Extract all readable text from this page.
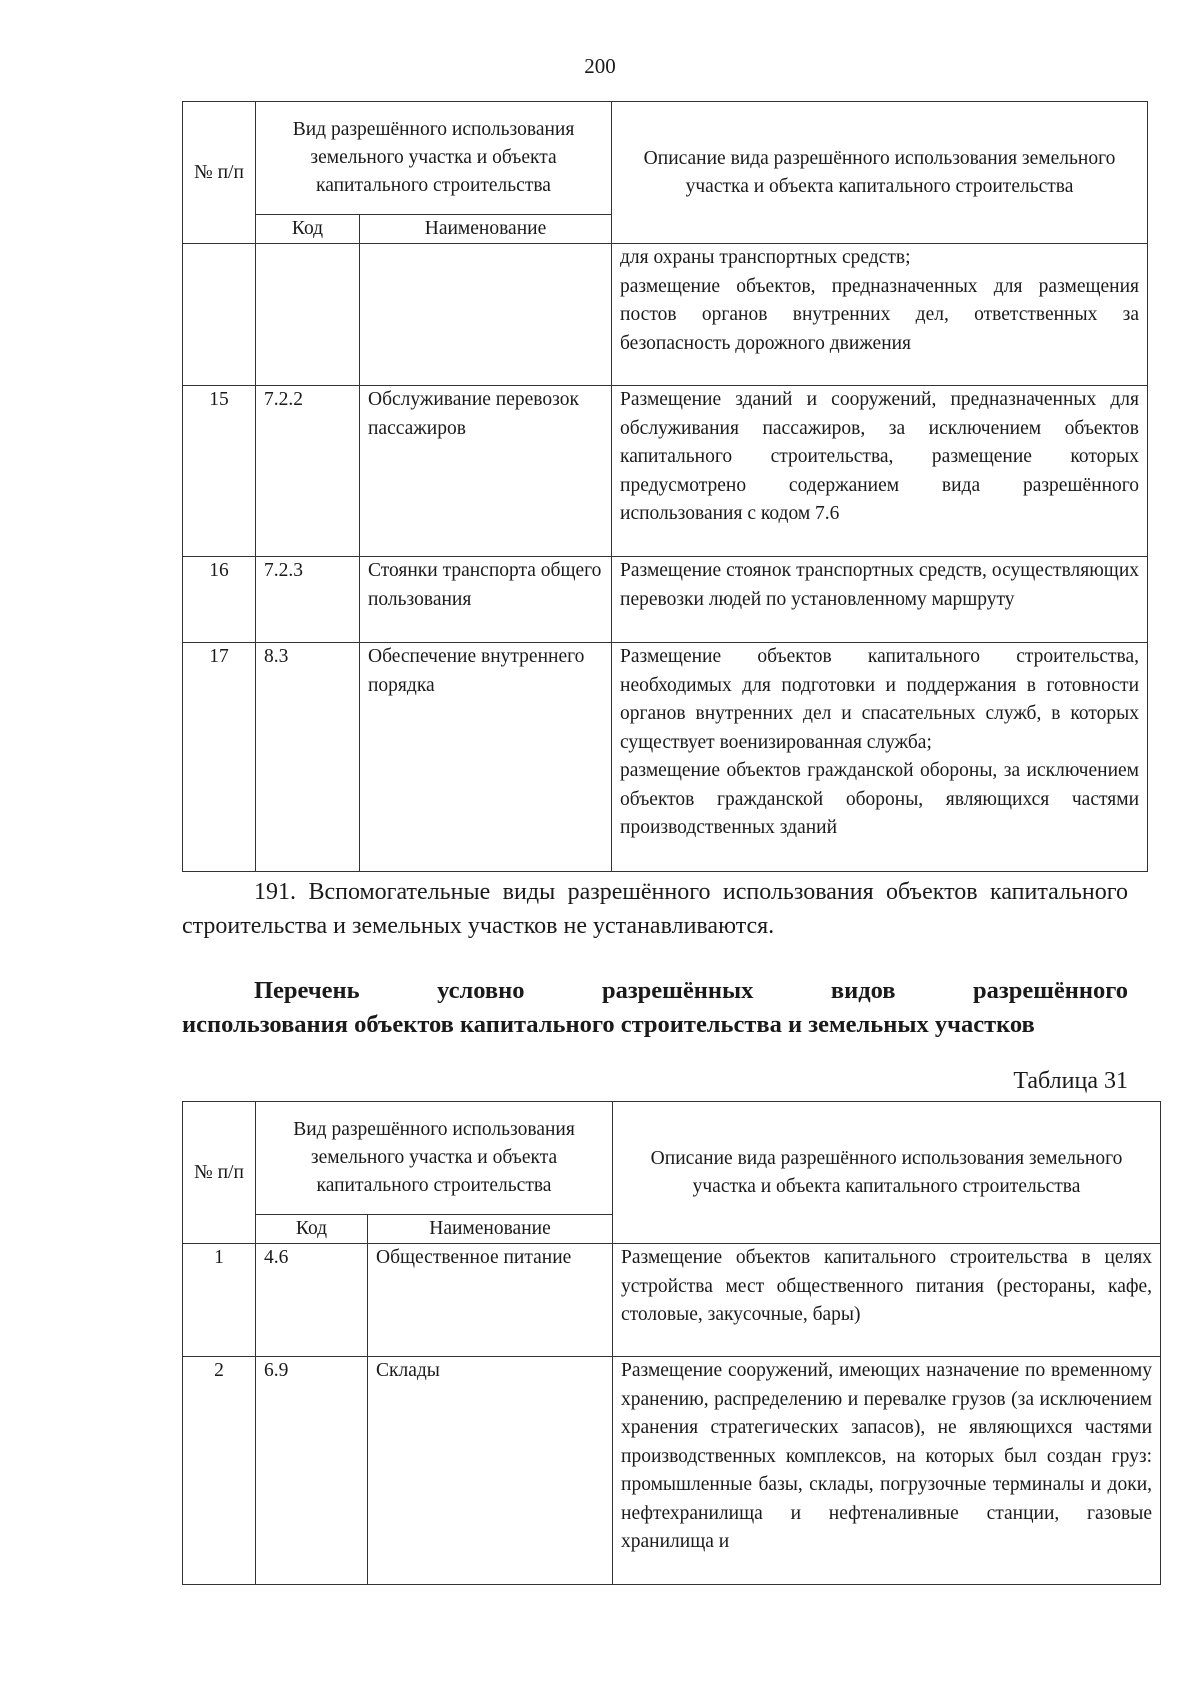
200
№ п/п	Вид разрешённого использования земельного участка и объекта капитального строительства		Описание вида разрешённого использования земельного участка и объекта капитального строительства
	Код	Наименование	

			для охраны транспортных средств;
размещение объектов, предназначенных для размещения постов органов внутренних дел, ответственных за безопасность дорожного движения

15	7.2.2	Обслуживание перевозок пассажиров	Размещение зданий и сооружений, предназначенных для обслуживания пассажиров, за исключением объектов капитального строительства, размещение которых предусмотрено содержанием вида разрешённого использования с кодом 7.6

16	7.2.3	Стоянки транспорта общего пользования	Размещение стоянок транспортных средств, осуществляющих перевозки людей по установленному маршруту

17	8.3	Обеспечение внутреннего порядка	Размещение объектов капитального строительства, необходимых для подготовки и поддержания в готовности органов внутренних дел и спасательных служб, в которых существует военизированная служба;
размещение объектов гражданской обороны, за исключением объектов гражданской обороны, являющихся частями производственных зданий
191. Вспомогательные виды разрешённого использования объектов капитального строительства и земельных участков не устанавливаются.
Перечень условно разрешённых видов разрешённого
использования объектов капитального строительства и земельных участков
Таблица 31
№ п/п	Вид разрешённого использования земельного участка и объекта капитального строительства		Описание вида разрешённого использования земельного участка и объекта капитального строительства
	Код	Наименование	
1	4.6	Общественное питание	Размещение объектов капитального строительства в целях устройства мест общественного питания (рестораны, кафе, столовые, закусочные, бары)

2	6.9	Склады	Размещение сооружений, имеющих назначение по временному хранению, распределению и перевалке грузов (за исключением хранения стратегических запасов), не являющихся частями производственных комплексов, на которых был создан груз: промышленные базы, склады, погрузочные терминалы и доки, нефтехранилища и нефтеналивные станции, газовые хранилища и
